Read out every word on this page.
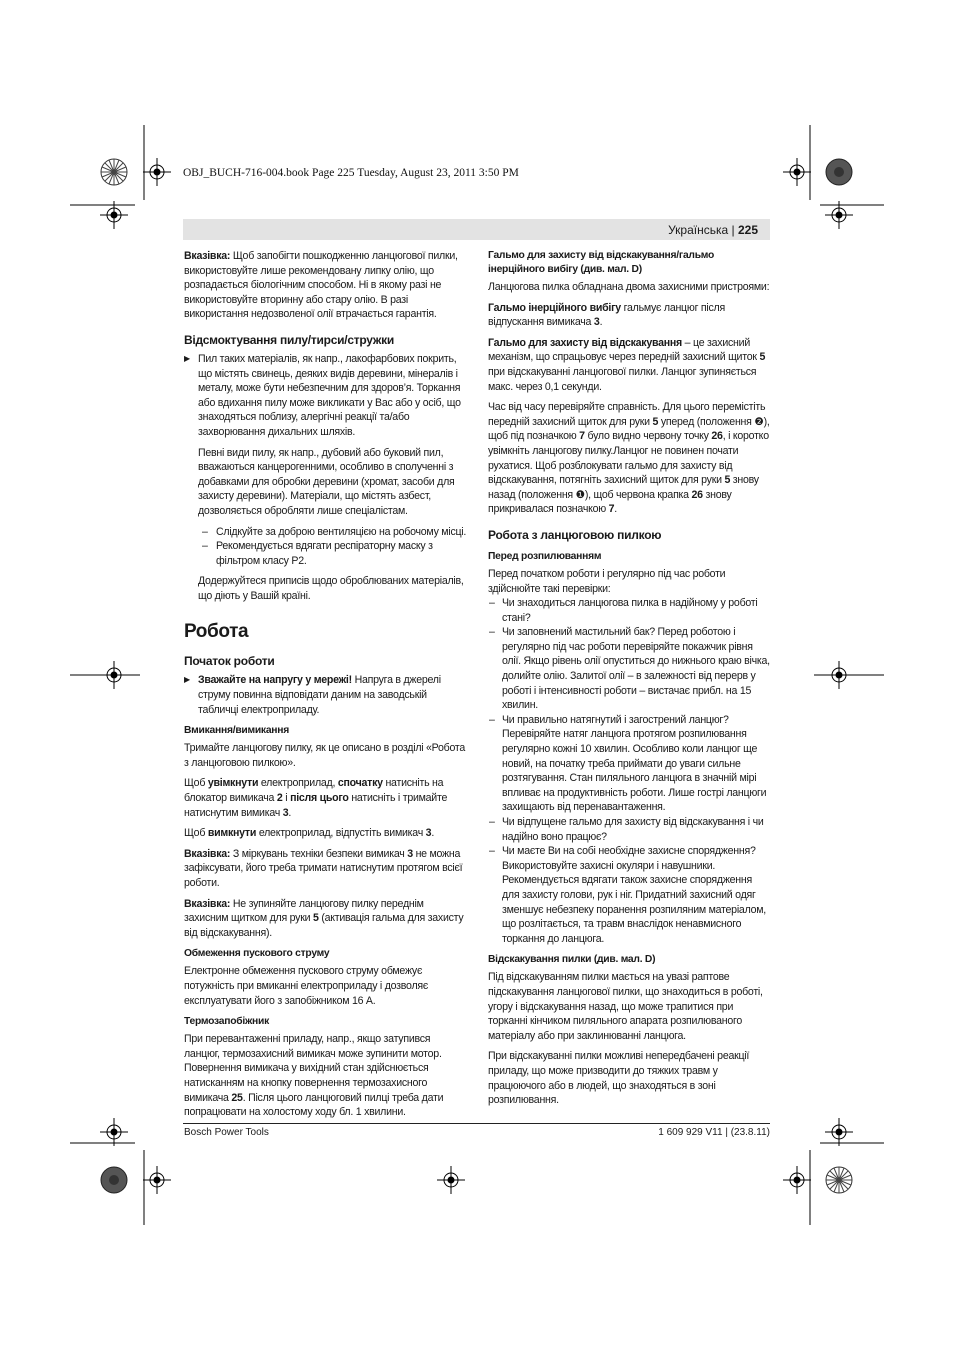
OBJ_BUCH-716-004.book Page 225 Tuesday, August 23, 2011 3:50 PM
Українська | 225

Вказівка: Щоб запобігти пошкодженню ланцюгової пилки, використовуйте лише рекомендовану липку олію, що розпадається біологічним способом. Ні в якому разі не використовуйте вторинну або стару олію. В разі використання недозволеної олії втрачається гарантія.

Відсмоктування пилу/тирси/стружки
▶ Пил таких матеріалів, як напр., лакофарбових покрить, що містять свинець, деяких видів деревини, мінералів і металу, може бути небезпечним для здоров’я. Торкання або вдихання пилу може викликати у Вас або у осіб, що знаходяться поблизу, алергічні реакції та/або захворювання дихальних шляхів.
Певні види пилу, як напр., дубовий або буковий пил, вважаються канцерогенними, особливо в сполученні з добавками для обробки деревини (хромат, засоби для захисту деревини). Матеріали, що містять азбест, дозволяється обробляти лише спеціалістам.
– Слідкуйте за доброю вентиляцією на робочому місці.
– Рекомендується вдягати респіраторну маску з фільтром класу P2.
Додержуйтеся приписів щодо оброблюваних матеріалів, що діють у Вашій країні.
Робота
Початок роботи
▶ Зважайте на напругу у мережі! Напруга в джерелі струму повинна відповідати даним на заводській табличці електроприладу.
Вмикання/вимикання

Тримайте ланцюгову пилку, як це описано в розділі «Робота з ланцюговою пилкою».

Щоб увімкнути електроприлад, спочатку натисніть на блокатор вимикача 2 і після цього натисніть і тримайте натиснутим вимикач 3.

Щоб вимкнути електроприлад, відпустіть вимикач 3.

Вказівка: З міркувань техніки безпеки вимикач 3 не можна зафіксувати, його треба тримати натиснутим протягом всієї роботи.

Вказівка: Не зупиняйте ланцюгову пилку переднім захисним щитком для руки 5 (активація гальма для захисту від відскакування).

Обмеження пускового струму

Електронне обмеження пускового струму обмежує потужність при вмиканні електроприладу і дозволяє експлуатувати його з запобіжником 16 A.

Термозапобіжник

При перевантаженні приладу, напр., якщо затупився ланцюг, термозахисний вимикач може зупинити мотор. Повернення вимикача у вихідний стан здійснюється натисканням на кнопку повернення термозахисного вимикача 25. Після цього ланцюговий пилці треба дати попрацювати на холостому ходу бл. 1 хвилини.

Гальмо для захисту від відскакування/гальмо інерційного вибігу (див. мал. D)

Ланцюгова пилка обладнана двома захисними пристроями:

Гальмо інерційного вибігу гальмує ланцюг після відпускання вимикача 3.

Гальмо для захисту від відскакування – це захисний механізм, що спрацьовує через передній захисний щиток 5 при відскакуванні ланцюгової пилки. Ланцюг зупиняється макс. через 0,1 секунди.

Час від часу перевіряйте справність. Для цього перемістіть передній захисний щиток для руки 5 уперед (положення ❷), щоб під позначкою 7 було видно червону точку 26, і коротко увімкніть ланцюгову пилку.Ланцюг не повинен почати рухатися. Щоб розблокувати гальмо для захисту від відскакування, потягніть захисний щиток для руки 5 знову назад (положення ❶), щоб червона крапка 26 знову прикривалася позначкою 7.

Робота з ланцюговою пилкою
Перед розпилюванням

Перед початком роботи і регулярно під час роботи здійснюйте такі перевірки:

– Чи знаходиться ланцюгова пилка в надійному у роботі стані?
– Чи заповнений мастильний бак? Перед роботою і регулярно під час роботи перевіряйте покажчик рівня олії. Якщо рівень олії опуститься до нижнього краю вічка, долийте олію. Залитої олії – в залежності від перерв у роботі і інтенсивності роботи – вистачає прибл. на 15 хвилин.
– Чи правильно натягнутий і загострений ланцюг? Перевіряйте натяг ланцюга протягом розпилювання регулярно кожні 10 хвилин. Особливо коли ланцюг ще новий, на початку треба приймати до уваги сильне розтягування. Стан пиляльного ланцюга в значній мірі впливає на продуктивність роботи. Лише гострі ланцюги захищають від перенавантаження.
– Чи відпущене гальмо для захисту від відскакування і чи надійно воно працює?
– Чи маєте Ви на собі необхідне захисне спорядження? Використовуйте захисні окуляри і навушники. Рекомендується вдягати також захисне спорядження для захисту голови, рук і ніг. Придатний захисний одяг зменшує небезпеку поранення розпиляним матеріалом, що розлітається, та травм внаслідок ненавмисного торкання до ланцюга.
Відскакування пилки (див. мал. D)

Під відскакуванням пилки мається на увазі раптове підскакування ланцюгової пилки, що знаходиться в роботі, угору і відскакування назад, що може трапитися при торканні кінчиком пиляльного апарата розпилюваного матеріалу або при заклинюванні ланцюга.

При відскакуванні пилки можливі непередбачені реакції приладу, що може призводити до тяжких травм у працюючого або в людей, що знаходяться в зоні розпилювання.

Bosch Power Tools	1 609 929 V11 | (23.8.11)
